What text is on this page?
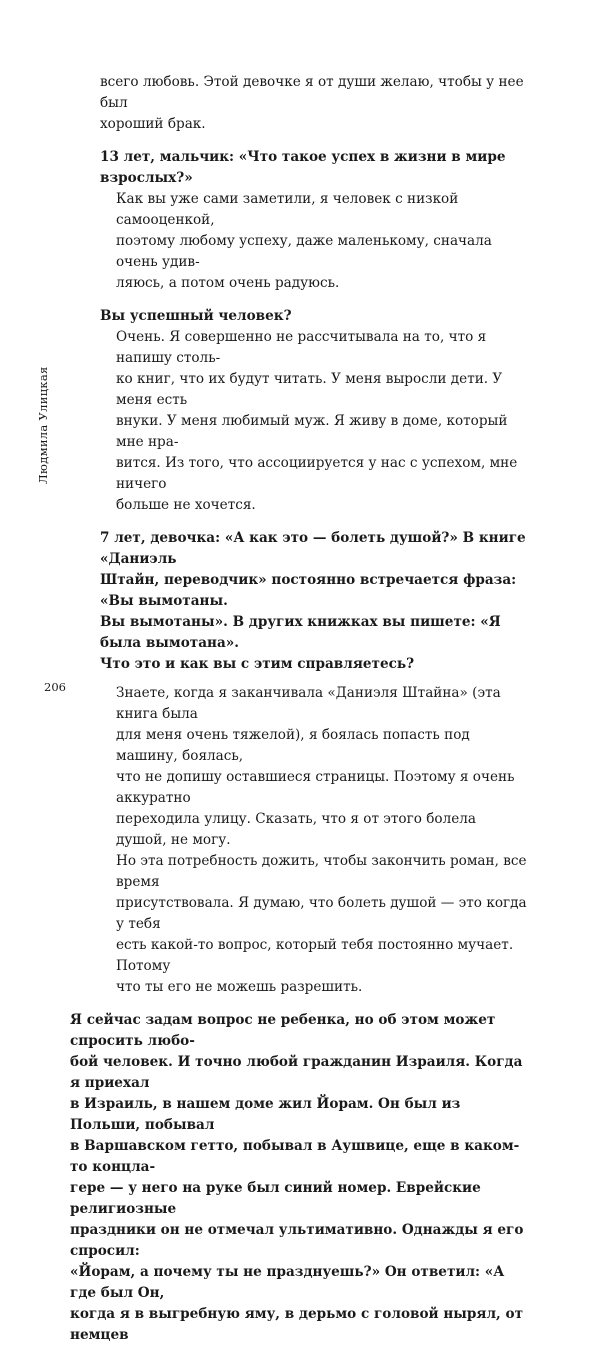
Людмила Улицкая
206

всего любовь. Этой девочке я от души желаю, чтобы у нее был
хороший брак.

13 лет, мальчик: «Что такое успех в жизни в мире взрослых?»

Как вы уже сами заметили, я человек с низкой самооценкой,
поэтому любому успеху, даже маленькому, сначала очень удив-
ляюсь, а потом очень радуюсь.

Вы успешный человек?

Очень. Я совершенно не рассчитывала на то, что я напишу столь-
ко книг, что их будут читать. У меня выросли дети. У меня есть
внуки. У меня любимый муж. Я живу в доме, который мне нра-
вится. Из того, что ассоциируется у нас с успехом, мне ничего
больше не хочется.

7 лет, девочка: «А как это — болеть душой?» В книге «Даниэль
Штайн, переводчик» постоянно встречается фраза: «Вы вымотаны.
Вы вымотаны». В других книжках вы пишете: «Я была вымотана».
Что это и как вы с этим справляетесь?

Знаете, когда я заканчивала «Даниэля Штайна» (эта книга была
для меня очень тяжелой), я боялась попасть под машину, боялась,
что не допишу оставшиеся страницы. Поэтому я очень аккуратно
переходила улицу. Сказать, что я от этого болела душой, не могу.
Но эта потребность дожить, чтобы закончить роман, все время
присутствовала. Я думаю, что болеть душой — это когда у тебя
есть какой-то вопрос, который тебя постоянно мучает. Потому
что ты его не можешь разрешить.

Я сейчас задам вопрос не ребенка, но об этом может спросить любо-
бой человек. И точно любой гражданин Израиля. Когда я приехал
в Израиль, в нашем доме жил Йорам. Он был из Польши, побывал
в Варшавском гетто, побывал в Аушвице, еще в каком-то концла-
гере — у него на руке был синий номер. Еврейские религиозные
праздники он не отмечал ультимативно. Однажды я его спросил:
«Йорам, а почему ты не празднуешь?» Он ответил: «А где был Он,
когда я в выгребную яму, в дерьмо с головой нырял, от немцев
